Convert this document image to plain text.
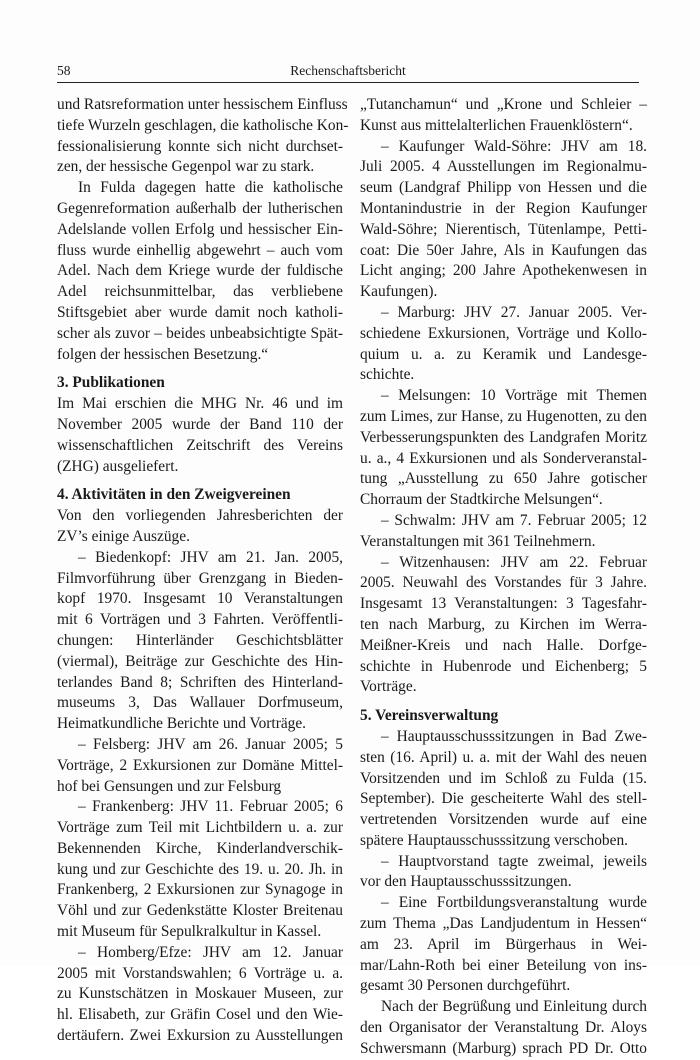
58	Rechenschaftsbericht
und Ratsreformation unter hessischem Einfluss
tiefe Wurzeln geschlagen, die katholische Kon-
fessionalisierung konnte sich nicht durchset-
zen, der hessische Gegenpol war zu stark.
In Fulda dagegen hatte die katholische
Gegenreformation außerhalb der lutherischen
Adelslande vollen Erfolg und hessischer Ein-
fluss wurde einhellig abgewehrt – auch vom
Adel. Nach dem Kriege wurde der fuldische
Adel reichsunmittelbar, das verbliebene
Stiftsgebiet aber wurde damit noch katholi-
scher als zuvor – beides unbeabsichtigte Spät-
folgen der hessischen Besetzung.“
3. Publikationen
Im Mai erschien die MHG Nr. 46 und im
November 2005 wurde der Band 110 der
wissenschaftlichen Zeitschrift des Vereins
(ZHG) ausgeliefert.
4. Aktivitäten in den Zweigvereinen
Von den vorliegenden Jahresberichten der
ZV’s einige Auszüge.
– Biedenkopf: JHV am 21. Jan. 2005,
Filmvorführung über Grenzgang in Bieden-
kopf 1970. Insgesamt 10 Veranstaltungen
mit 6 Vorträgen und 3 Fahrten. Veröffentli-
chungen: Hinterländer Geschichtsblätter
(viermal), Beiträge zur Geschichte des Hin-
terlandes Band 8; Schriften des Hinterland-
museums 3, Das Wallauer Dorfmuseum,
Heimatkundliche Berichte und Vorträge.
– Felsberg: JHV am 26. Januar 2005; 5
Vorträge, 2 Exkursionen zur Domäne Mittel-
hof bei Gensungen und zur Felsburg
– Frankenberg: JHV 11. Februar 2005; 6
Vorträge zum Teil mit Lichtbildern u. a. zur
Bekennenden Kirche, Kinderlandverschik-
kung und zur Geschichte des 19. u. 20. Jh. in
Frankenberg, 2 Exkursionen zur Synagoge in
Vöhl und zur Gedenkstätte Kloster Breitenau
mit Museum für Sepulkralkultur in Kassel.
– Homberg/Efze: JHV am 12. Januar
2005 mit Vorstandswahlen; 6 Vorträge u. a.
zu Kunstschätzen in Moskauer Museen, zur
hl. Elisabeth, zur Gräfin Cosel und den Wie-
dertäufern. Zwei Exkursion zu Ausstellungen
„Tutanchamun“ und „Krone und Schleier –
Kunst aus mittelalterlichen Frauenklöstern“.
– Kaufunger Wald-Söhre: JHV am 18.
Juli 2005. 4 Ausstellungen im Regionalmu-
seum (Landgraf Philipp von Hessen und die
Montanindustrie in der Region Kaufunger
Wald-Söhre; Nierentisch, Tütenlampe, Petti-
coat: Die 50er Jahre, Als in Kaufungen das
Licht anging; 200 Jahre Apothekenwesen in
Kaufungen).
– Marburg: JHV 27. Januar 2005. Ver-
schiedene Exkursionen, Vorträge und Kollo-
quium u. a. zu Keramik und Landesge-
schichte.
– Melsungen: 10 Vorträge mit Themen
zum Limes, zur Hanse, zu Hugenotten, zu den
Verbesserungspunkten des Landgrafen Moritz
u. a., 4 Exkursionen und als Sonderveranstal-
tung „Ausstellung zu 650 Jahre gotischer
Chorraum der Stadtkirche Melsungen“.
– Schwalm: JHV am 7. Februar 2005; 12
Veranstaltungen mit 361 Teilnehmern.
– Witzenhausen: JHV am 22. Februar
2005. Neuwahl des Vorstandes für 3 Jahre.
Insgesamt 13 Veranstaltungen: 3 Tagesfahr-
ten nach Marburg, zu Kirchen im Werra-
Meißner-Kreis und nach Halle. Dorfge-
schichte in Hubenrode und Eichenberg; 5
Vorträge.
5. Vereinsverwaltung
– Hauptausschusssitzungen in Bad Zwe-
sten (16. April) u. a. mit der Wahl des neuen
Vorsitzenden und im Schloß zu Fulda (15.
September). Die gescheiterte Wahl des stell-
vertretenden Vorsitzenden wurde auf eine
spätere Hauptausschusssitzung verschoben.
– Hauptvorstand tagte zweimal, jeweils
vor den Hauptausschusssitzungen.
– Eine Fortbildungsveranstaltung wurde
zum Thema „Das Landjudentum in Hessen“
am 23. April im Bürgerhaus in Wei-
mar/Lahn-Roth bei einer Beteilung von ins-
gesamt 30 Personen durchgeführt.
Nach der Begrüßung und Einleitung durch
den Organisator der Veranstaltung Dr. Aloys
Schwersmann (Marburg) sprach PD Dr. Otto
